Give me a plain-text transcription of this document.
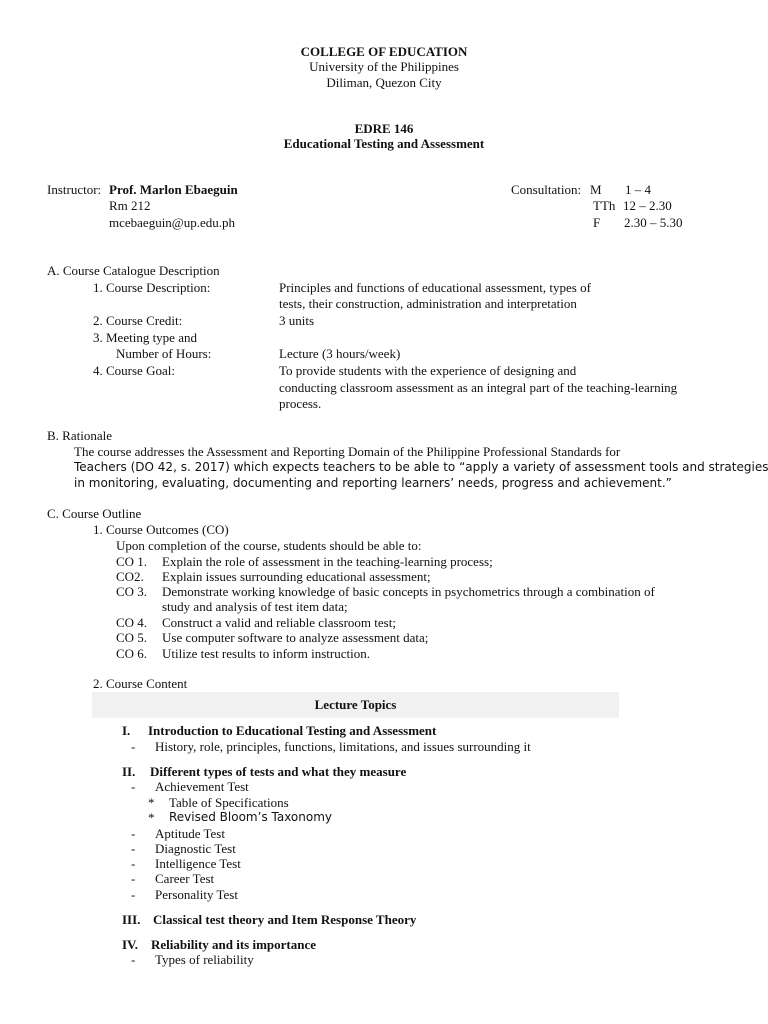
COLLEGE OF EDUCATION
University of the Philippines
Diliman, Quezon City
EDRE 146
Educational Testing and Assessment
Instructor: Prof. Marlon Ebaeguin
Rm 212
mcebaeguin@up.edu.ph
Consultation: M 1 – 4
TTh 12 – 2.30
F 2.30 – 5.30
A. Course Catalogue Description
1. Course Description:	Principles and functions of educational assessment, types of
tests, their construction, administration and interpretation
2. Course Credit:	3 units
3. Meeting type and
Number of Hours:	Lecture (3 hours/week)
4. Course Goal:	To provide students with the experience of designing and
conducting classroom assessment as an integral part of the teaching-learning
process.
B. Rationale
The course addresses the Assessment and Reporting Domain of the Philippine Professional Standards for
Teachers (DO 42, s. 2017) which expects teachers to be able to “apply a variety of assessment tools and strategies
in monitoring, evaluating, documenting and reporting learners’ needs, progress and achievement.”
C. Course Outline
1. Course Outcomes (CO)
Upon completion of the course, students should be able to:
CO 1. Explain the role of assessment in the teaching-learning process;
CO2. Explain issues surrounding educational assessment;
CO 3. Demonstrate working knowledge of basic concepts in psychometrics through a combination of
study and analysis of test item data;
CO 4. Construct a valid and reliable classroom test;
CO 5. Use computer software to analyze assessment data;
CO 6. Utilize test results to inform instruction.
2. Course Content
Lecture Topics
I. Introduction to Educational Testing and Assessment
- History, role, principles, functions, limitations, and issues surrounding it
II. Different types of tests and what they measure
- Achievement Test
* Table of Specifications
* Revised Bloom’s Taxonomy
- Aptitude Test
- Diagnostic Test
- Intelligence Test
- Career Test
- Personality Test
III. Classical test theory and Item Response Theory
IV. Reliability and its importance
- Types of reliability
